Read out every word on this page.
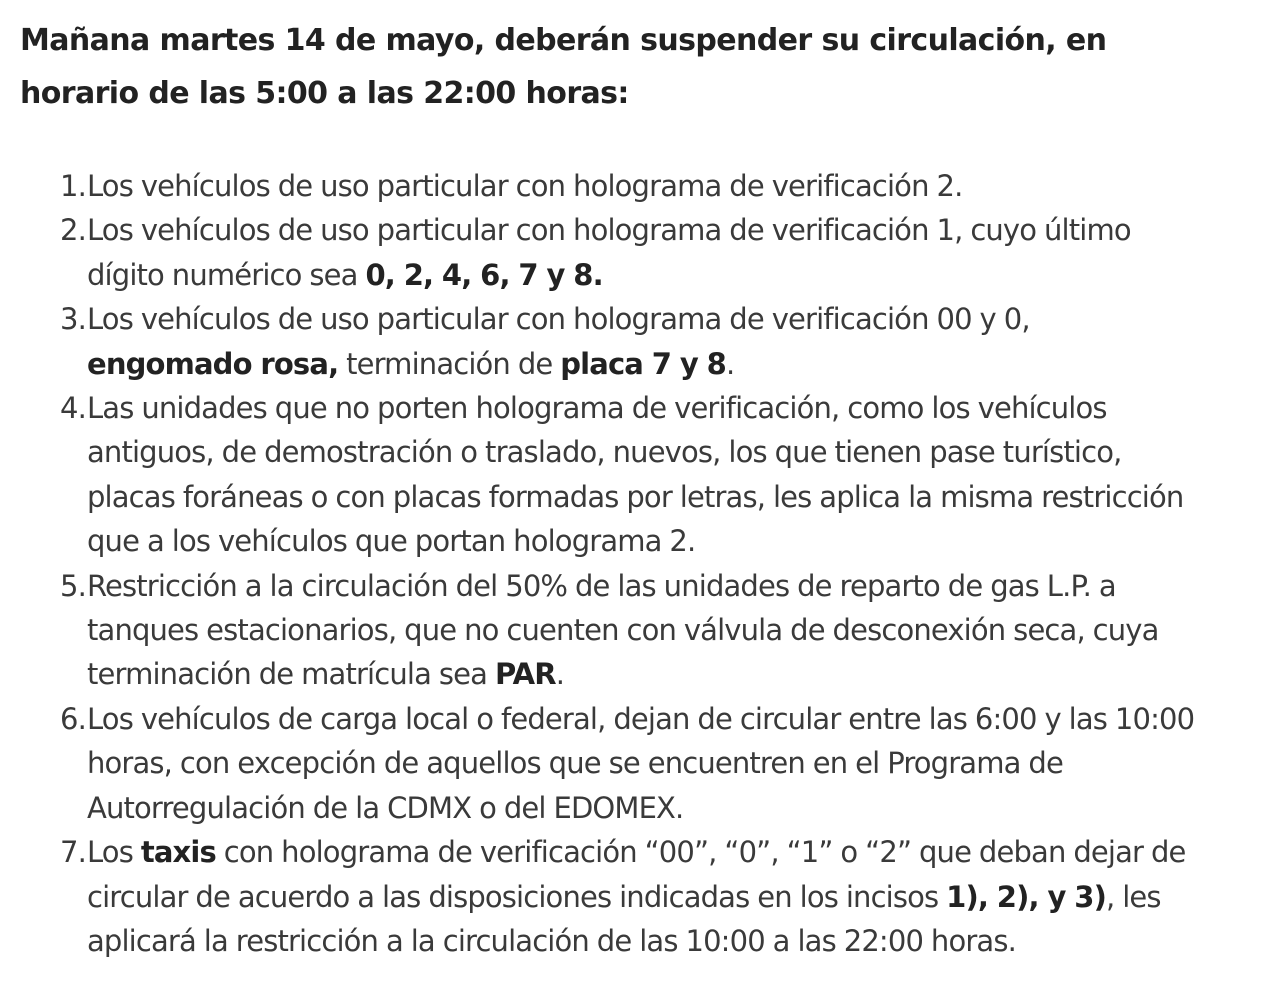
Mañana martes 14 de mayo, deberán suspender su circulación, en
horario de las 5:00 a las 22:00 horas:
1. Los vehículos de uso particular con holograma de verificación 2.
2. Los vehículos de uso particular con holograma de verificación 1, cuyo último dígito numérico sea 0, 2, 4, 6, 7 y 8.
3. Los vehículos de uso particular con holograma de verificación 00 y 0, engomado rosa, terminación de placa 7 y 8.
4. Las unidades que no porten holograma de verificación, como los vehículos antiguos, de demostración o traslado, nuevos, los que tienen pase turístico, placas foráneas o con placas formadas por letras, les aplica la misma restricción que a los vehículos que portan holograma 2.
5. Restricción a la circulación del 50% de las unidades de reparto de gas L.P. a tanques estacionarios, que no cuenten con válvula de desconexión seca, cuya terminación de matrícula sea PAR.
6. Los vehículos de carga local o federal, dejan de circular entre las 6:00 y las 10:00 horas, con excepción de aquellos que se encuentren en el Programa de Autorregulación de la CDMX o del EDOMEX.
7. Los taxis con holograma de verificación “00”, “0”, “1” o “2” que deban dejar de circular de acuerdo a las disposiciones indicadas en los incisos 1), 2), y 3), les aplicará la restricción a la circulación de las 10:00 a las 22:00 horas.
